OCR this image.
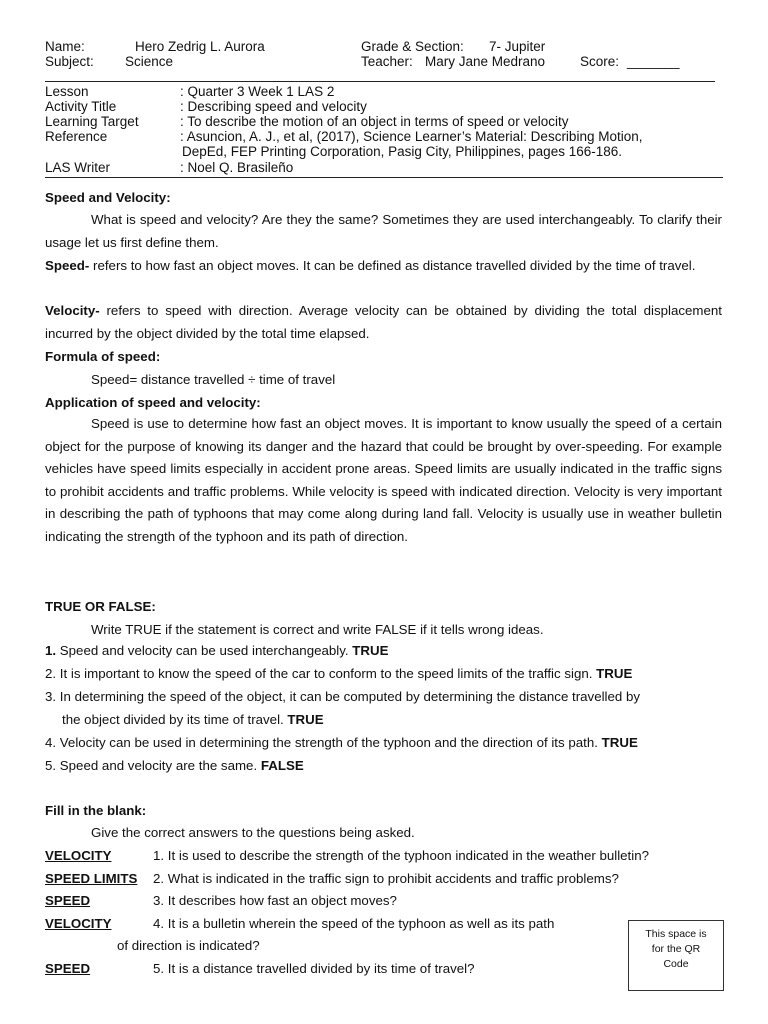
Name:	Hero Zedrig L. Aurora	Grade & Section: 7- Jupiter
Subject: Science	Teacher: Mary Jane Medrano	Score: _______
Lesson	: Quarter 3 Week 1 LAS 2
Activity Title	: Describing speed and velocity
Learning Target	: To describe the motion of an object in terms of speed or velocity
Reference	: Asuncion, A. J., et al, (2017), Science Learner’s Material: Describing Motion,
DepEd, FEP Printing Corporation, Pasig City, Philippines, pages 166-186.
LAS Writer	: Noel Q. Brasileño
Speed and Velocity:

What is speed and velocity? Are they the same? Sometimes they are used interchangeably. To clarify their usage let us first define them.

Speed- refers to how fast an object moves. It can be defined as distance travelled divided by the time of travel.

Velocity- refers to speed with direction. Average velocity can be obtained by dividing the total displacement incurred by the object divided by the total time elapsed.

Formula of speed:
Speed= distance travelled ÷ time of travel
Application of speed and velocity:

Speed is use to determine how fast an object moves. It is important to know usually the speed of a certain object for the purpose of knowing its danger and the hazard that could be brought by over-speeding. For example vehicles have speed limits especially in accident prone areas. Speed limits are usually indicated in the traffic signs to prohibit accidents and traffic problems. While velocity is speed with indicated direction. Velocity is very important in describing the path of typhoons that may come along during land fall. Velocity is usually use in weather bulletin indicating the strength of the typhoon and its path of direction.

TRUE OR FALSE:
Write TRUE if the statement is correct and write FALSE if it tells wrong ideas.
1. Speed and velocity can be used interchangeably. TRUE
2. It is important to know the speed of the car to conform to the speed limits of the traffic sign. TRUE
3. In determining the speed of the object, it can be computed by determining the distance travelled by
the object divided by its time of travel. TRUE
4. Velocity can be used in determining the strength of the typhoon and the direction of its path. TRUE
5. Speed and velocity are the same. FALSE
Fill in the blank:
Give the correct answers to the questions being asked.
VELOCITY	1. It is used to describe the strength of the typhoon indicated in the weather bulletin?
SPEED LIMITS 2. What is indicated in the traffic sign to prohibit accidents and traffic problems?
SPEED	3. It describes how fast an object moves?
VELOCITY	4. It is a bulletin wherein the speed of the typhoon as well as its path
of direction is indicated?
SPEED	5. It is a distance travelled divided by its time of travel?
This space is
for the QR
Code
